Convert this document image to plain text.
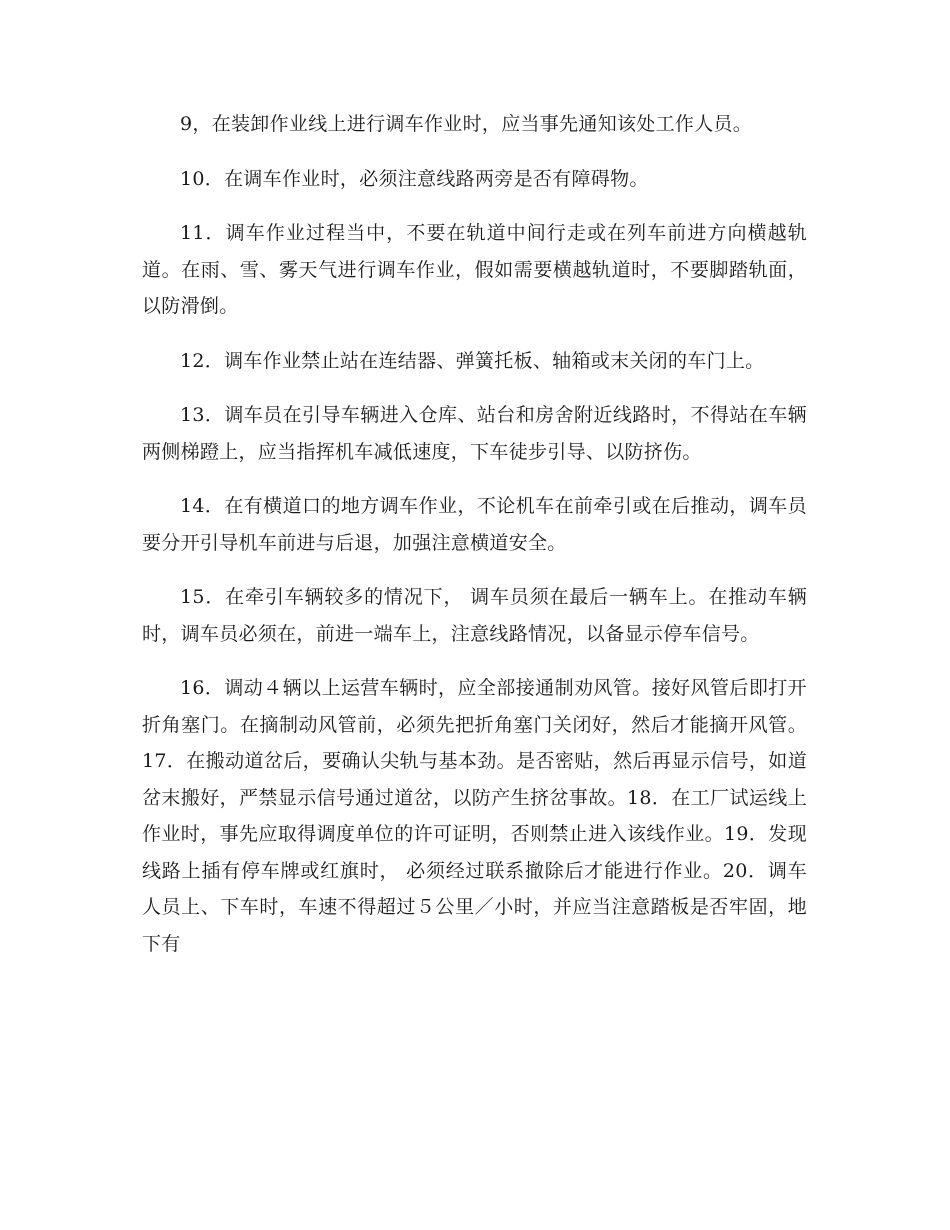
9，在装卸作业线上进行调车作业时，应当事先通知该处工作人员。

10．在调车作业时，必须注意线路两旁是否有障碍物。

11．调车作业过程当中，不要在轨道中间行走或在列车前进方向横越轨道。在雨、雪、雾天气进行调车作业，假如需要横越轨道时，不要脚踏轨面，以防滑倒。

12．调车作业禁止站在连结器、弹簧托板、轴箱或末关闭的车门上。

13．调车员在引导车辆进入仓库、站台和房舍附近线路时，不得站在车辆两侧梯蹬上，应当指挥机车减低速度，下车徒步引导、以防挤伤。

14．在有横道口的地方调车作业，不论机车在前牵引或在后推动，调车员要分开引导机车前进与后退，加强注意横道安全。

15．在牵引车辆较多的情况下， 调车员须在最后一辆车上。在推动车辆时，调车员必须在，前进一端车上，注意线路情况，以备显示停车信号。

16．调动４辆以上运营车辆时，应全部接通制劝风管。接好风管后即打开折角塞门。在摘制动风管前，必须先把折角塞门关闭好，然后才能摘开风管。17．在搬动道岔后，要确认尖轨与基本劲。是否密贴，然后再显示信号，如道岔末搬好，严禁显示信号通过道岔，以防产生挤岔事故。18．在工厂试运线上作业时，事先应取得调度单位的许可证明，否则禁止进入该线作业。19．发现线路上插有停车牌或红旗时， 必须经过联系撤除后才能进行作业。20．调车人员上、下车时，车速不得超过５公里／小时，并应当注意踏板是否牢固，地下有
